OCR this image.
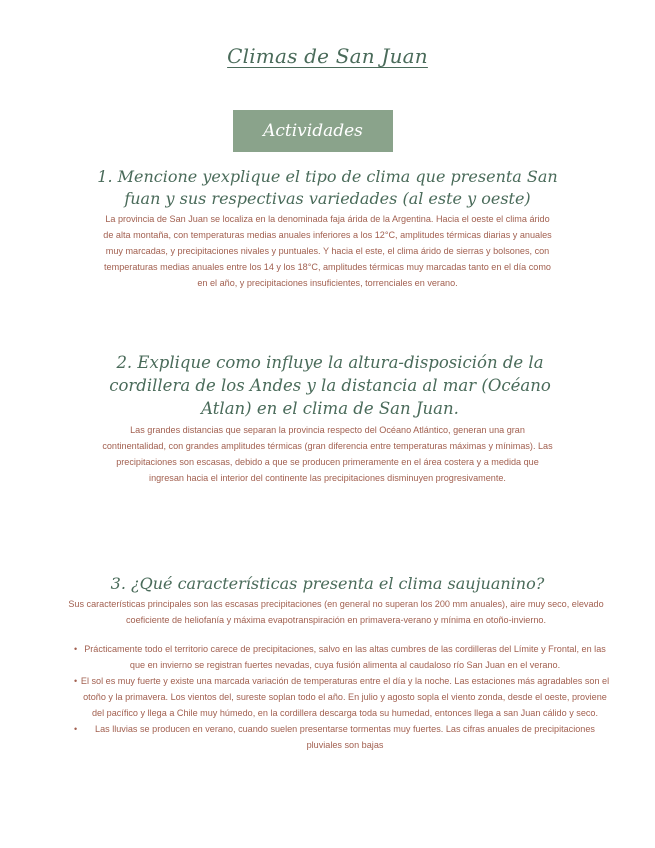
Climas de San Juan
Actividades
1. Mencione yexplique el tipo de clima que presenta San fuan y sus respectivas variedades (al este y oeste)
La provincia de San Juan se localiza en la denominada faja árida de la Argentina. Hacia el oeste el clima árido de alta montaña, con temperaturas medias anuales inferiores a los 12°C, amplitudes térmicas diarias y anuales muy marcadas, y precipitaciones nivales y puntuales. Y hacia el este, el clima árido de sierras y bolsones, con temperaturas medias anuales entre los 14 y los 18°C, amplitudes térmicas muy marcadas tanto en el día como en el año, y precipitaciones insuficientes, torrenciales en verano.
2. Explique como influye la altura-disposición de la cordillera de los Andes y la distancia al mar (Océano Atlan) en el clima de San Juan.
Las grandes distancias que separan la provincia respecto del Océano Atlántico, generan una gran continentalidad, con grandes amplitudes térmicas (gran diferencia entre temperaturas máximas y mínimas). Las precipitaciones son escasas, debido a que se producen primeramente en el área costera y a medida que ingresan hacia el interior del continente las precipitaciones disminuyen progresivamente.
3. ¿Qué características presenta el clima saujuanino?
Sus características principales son las escasas precipitaciones (en general no superan los 200 mm anuales), aire muy seco, elevado coeficiente de heliofanía y máxima evapotranspiración en primavera-verano y mínima en otoño-invierno.
• Prácticamente todo el territorio carece de precipitaciones, salvo en las altas cumbres de las cordilleras del Límite y Frontal, en las que en invierno se registran fuertes nevadas, cuya fusión alimenta al caudaloso río San Juan en el verano.
• El sol es muy fuerte y existe una marcada variación de temperaturas entre el día y la noche. Las estaciones más agradables son el otoño y la primavera. Los vientos del, sureste soplan todo el año. En julio y agosto sopla el viento zonda, desde el oeste, proviene del pacífico y llega a Chile muy húmedo, en la cordillera descarga toda su humedad, entonces llega a san Juan cálido y seco.
• Las lluvias se producen en verano, cuando suelen presentarse tormentas muy fuertes. Las cifras anuales de precipitaciones pluviales son bajas
